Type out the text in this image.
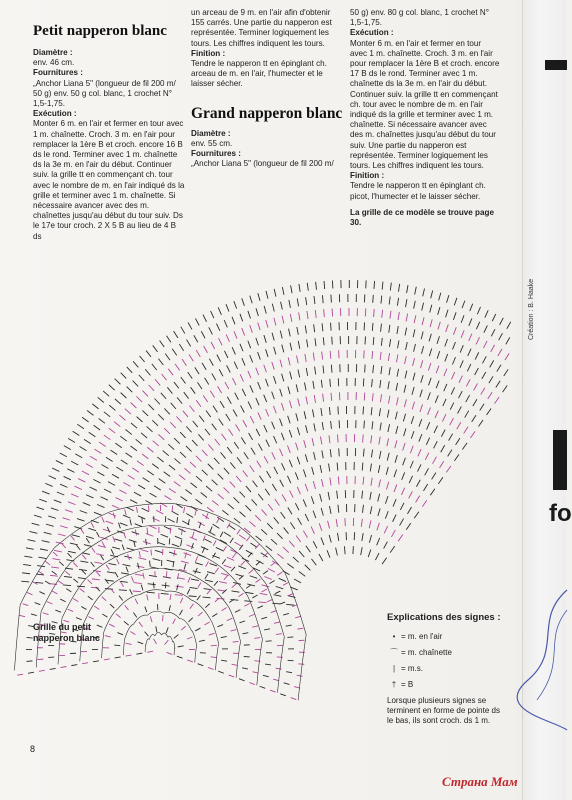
fo
Petit napperon blanc

Diamètre :

env. 46 cm.

Fournitures :

„Anchor Liana 5" (longueur de fil 200 m/ 50 g) env. 50 g col. blanc, 1 crochet N° 1,5-1,75.

Exécution :

Monter 6 m. en l'air et fermer en tour avec 1 m. chaînette. Croch. 3 m. en l'air pour remplacer la 1ère B et croch. encore 16 B ds le rond. Terminer avec 1 m. chaînette ds la 3e m. en l'air du début. Continuer suiv. la grille tt en commençant ch. tour avec le nombre de m. en l'air indiqué ds la grille et terminer avec 1 m. chaînette. Si nécessaire avancer avec des m. chaînettes jusqu'au début du tour suiv. Ds le 17e tour croch. 2 X 5 B au lieu de 4 B ds

un arceau de 9 m. en l'air afin d'obtenir 155 carrés. Une partie du napperon est représentée. Terminer logiquement les tours. Les chiffres indiquent les tours.

Finition :

Tendre le napperon tt en épinglant ch. arceau de m. en l'air, l'humecter et le laisser sécher.

Grand napperon blanc

Diamètre :

env. 55 cm.

Fournitures :

„Anchor Liana 5" (longueur de fil 200 m/

50 g) env. 80 g col. blanc, 1 crochet N° 1,5-1,75.

Exécution :

Monter 6 m. en l'air et fermer en tour avec 1 m. chaînette. Croch. 3 m. en l'air pour remplacer la 1ère B et croch. encore 17 B ds le rond. Terminer avec 1 m. chaînette ds la 3e m. en l'air du début. Continuer suiv. la grille tt en commençant ch. tour avec le nombre de m. en l'air indiqué ds la grille et terminer avec 1 m. chaînette. Si nécessaire avancer avec des m. chaînettes jusqu'au début du tour suiv. Une partie du napperon est représentée. Terminer logiquement les tours. Les chiffres indiquent les tours.

Finition :

Tendre le napperon tt en épinglant ch. picot, l'humecter et le laisser sécher.

La grille de ce modèle se trouve page 30.

Grille du petit napperon blanc
Explications des signes :
• = m. en l'air
⌒ = m. chaînette
| = m.s.
† = B
Lorsque plusieurs signes se terminent en forme de pointe ds le bas, ils sont croch. ds 1 m.
8
Création : B. Haake
Страна Мам
